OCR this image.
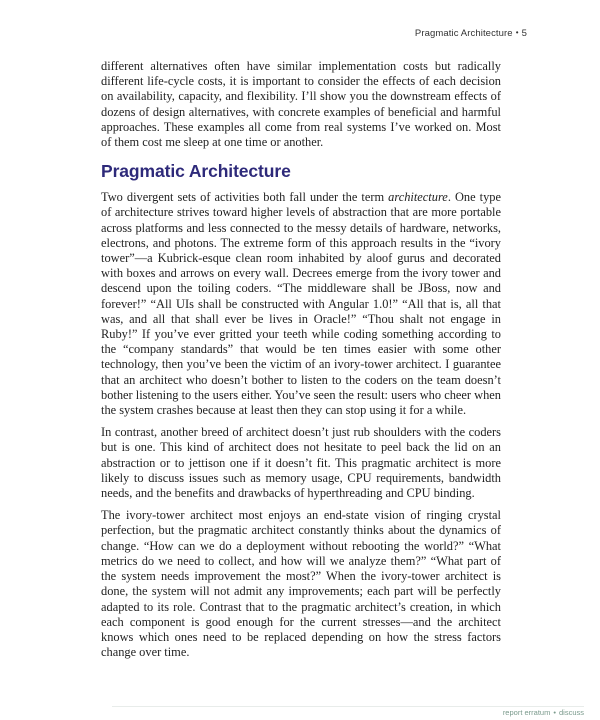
Pragmatic Architecture • 5

different alternatives often have similar implementation costs but radically different life-cycle costs, it is important to consider the effects of each decision on availability, capacity, and flexibility. I’ll show you the downstream effects of dozens of design alternatives, with concrete examples of beneficial and harmful approaches. These examples all come from real systems I’ve worked on. Most of them cost me sleep at one time or another.

Pragmatic Architecture

Two divergent sets of activities both fall under the term architecture. One type of architecture strives toward higher levels of abstraction that are more portable across platforms and less connected to the messy details of hardware, networks, electrons, and photons. The extreme form of this approach results in the “ivory tower”—a Kubrick-esque clean room inhabited by aloof gurus and decorated with boxes and arrows on every wall. Decrees emerge from the ivory tower and descend upon the toiling coders. “The middleware shall be JBoss, now and forever!” “All UIs shall be constructed with Angular 1.0!” “All that is, all that was, and all that shall ever be lives in Oracle!” “Thou shalt not engage in Ruby!” If you’ve ever gritted your teeth while coding something according to the “company standards” that would be ten times easier with some other technology, then you’ve been the victim of an ivory-tower architect. I guarantee that an architect who doesn’t bother to listen to the coders on the team doesn’t bother listening to the users either. You’ve seen the result: users who cheer when the system crashes because at least then they can stop using it for a while.

In contrast, another breed of architect doesn’t just rub shoulders with the coders but is one. This kind of architect does not hesitate to peel back the lid on an abstraction or to jettison one if it doesn’t fit. This pragmatic architect is more likely to discuss issues such as memory usage, CPU requirements, bandwidth needs, and the benefits and drawbacks of hyperthreading and CPU binding.

The ivory-tower architect most enjoys an end-state vision of ringing crystal perfection, but the pragmatic architect constantly thinks about the dynamics of change. “How can we do a deployment without rebooting the world?” “What metrics do we need to collect, and how will we analyze them?” “What part of the system needs improvement the most?” When the ivory-tower architect is done, the system will not admit any improvements; each part will be perfectly adapted to its role. Contrast that to the pragmatic architect’s creation, in which each component is good enough for the current stresses—and the architect knows which ones need to be replaced depending on how the stress factors change over time.

report erratum • discuss
